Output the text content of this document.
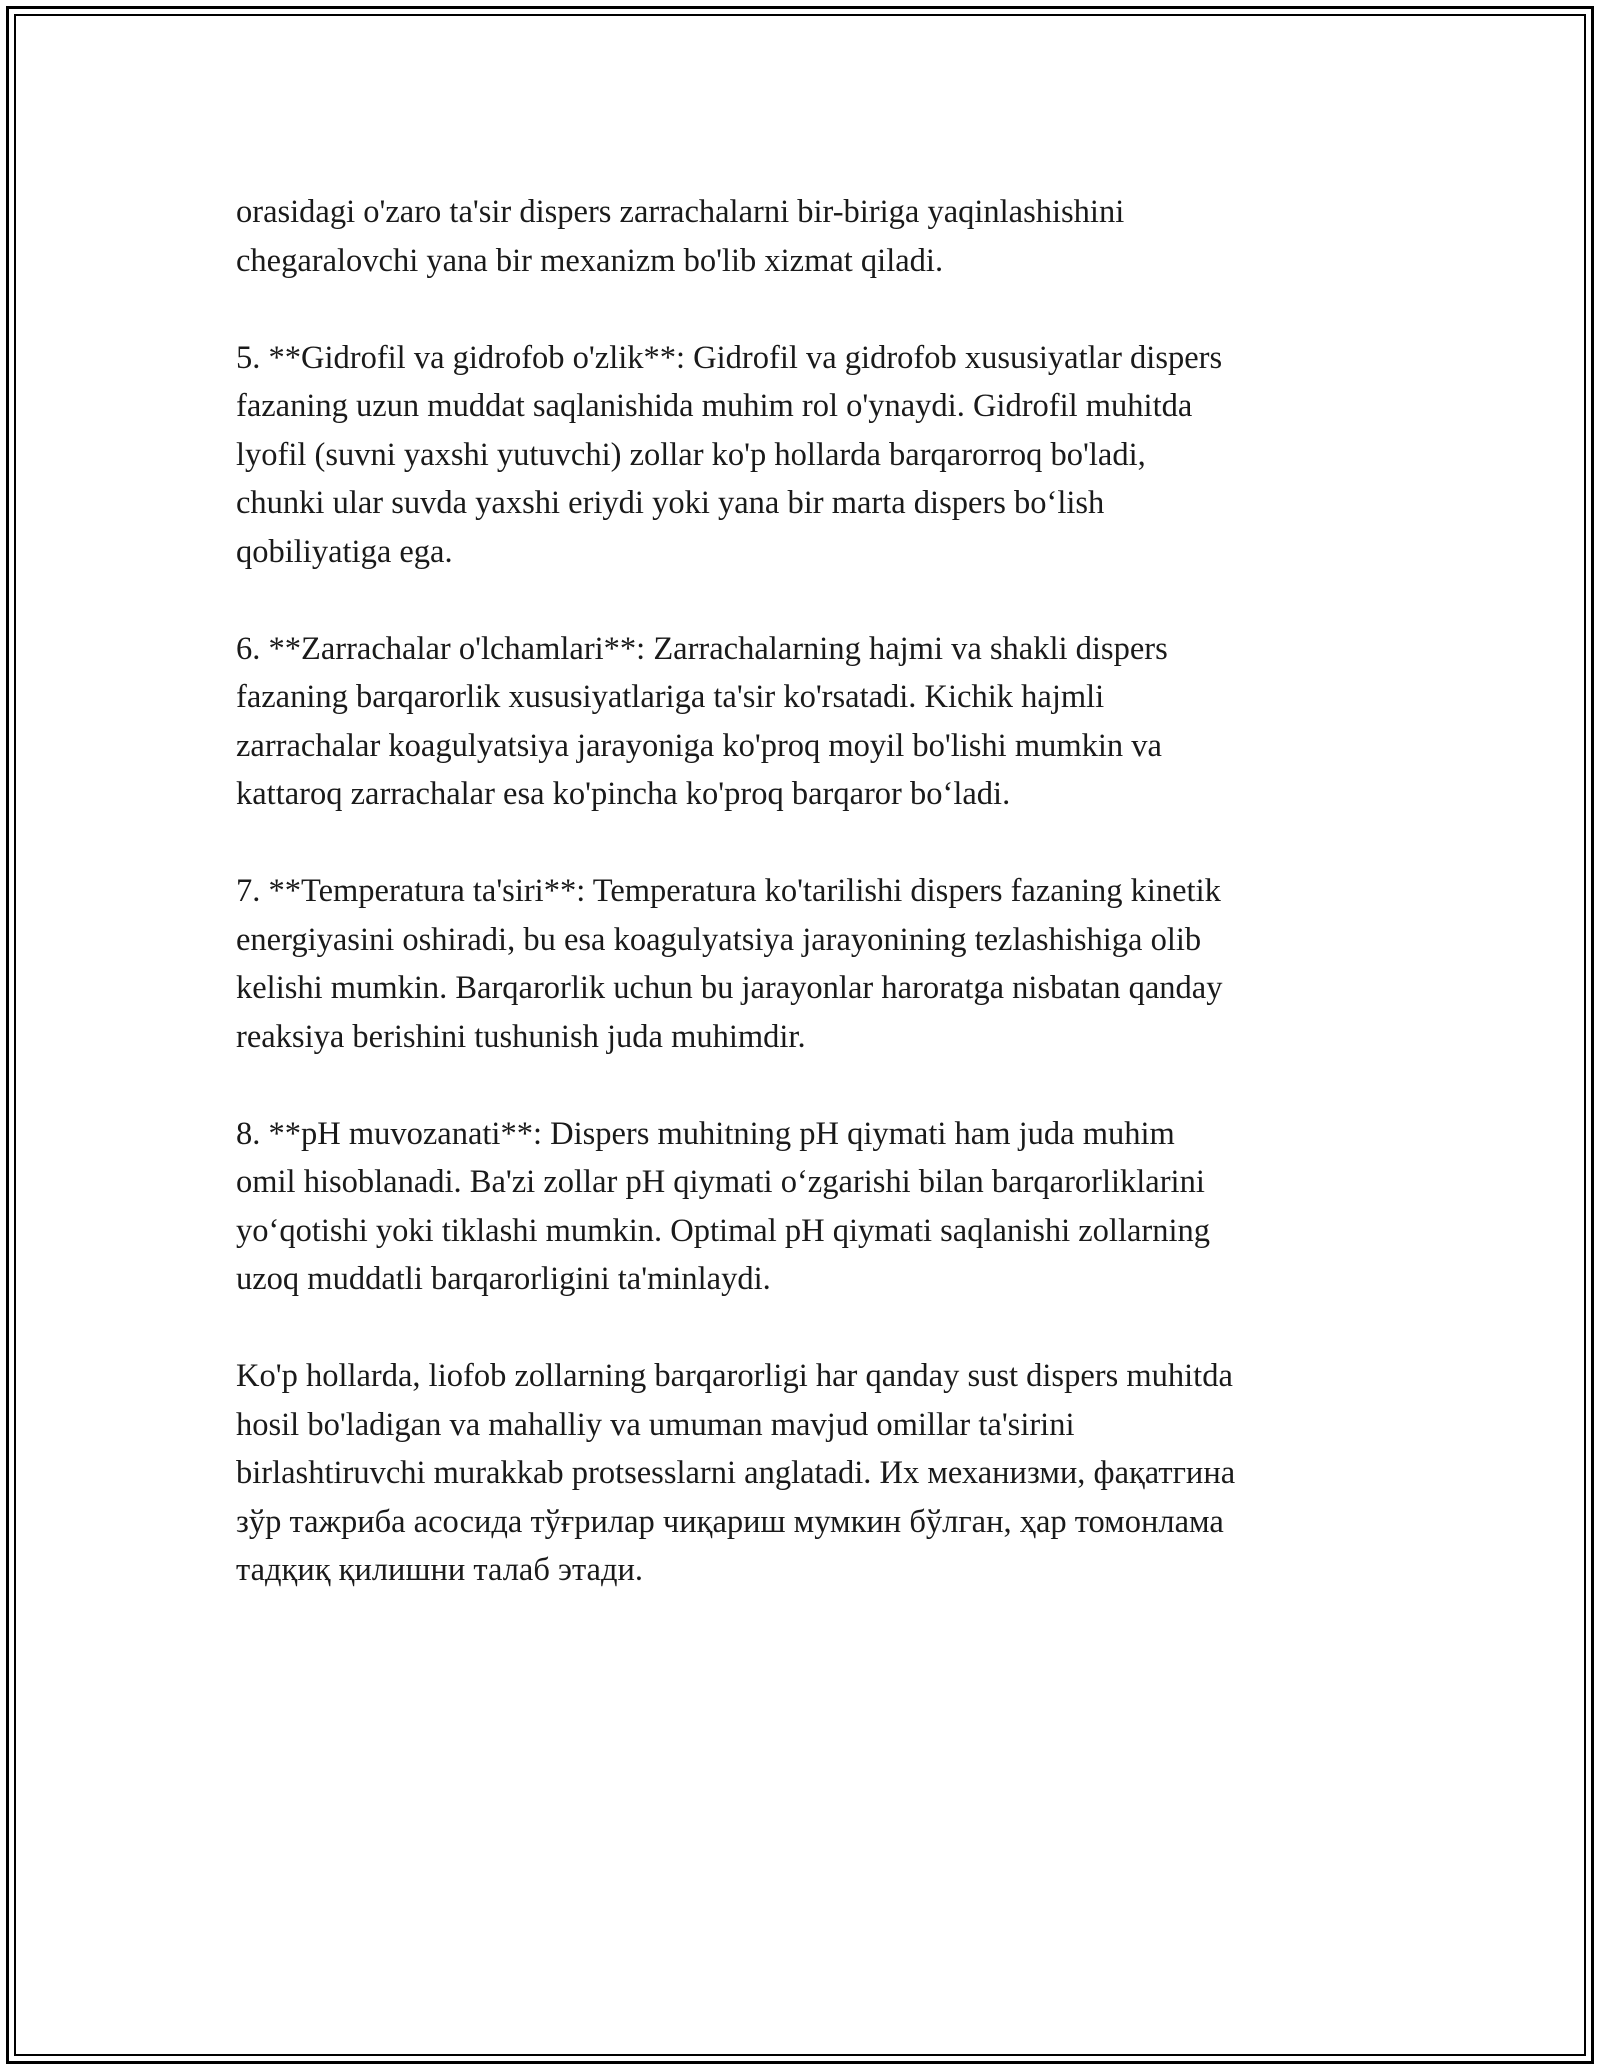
orasidagi o'zaro ta'sir dispers zarrachalarni bir-biriga yaqinlashishini
chegaralovchi yana bir mexanizm bo'lib xizmat qiladi.

5. **Gidrofil va gidrofob o'zlik**: Gidrofil va gidrofob xususiyatlar dispers
fazaning uzun muddat saqlanishida muhim rol o'ynaydi. Gidrofil muhitda
lyofil (suvni yaxshi yutuvchi) zollar ko'p hollarda barqarorroq bo'ladi,
chunki ular suvda yaxshi eriydi yoki yana bir marta dispers bo‘lish
qobiliyatiga ega.

6. **Zarrachalar o'lchamlari**: Zarrachalarning hajmi va shakli dispers
fazaning barqarorlik xususiyatlariga ta'sir ko'rsatadi. Kichik hajmli
zarrachalar koagulyatsiya jarayoniga ko'proq moyil bo'lishi mumkin va
kattaroq zarrachalar esa ko'pincha ko'proq barqaror bo‘ladi.

7. **Temperatura ta'siri**: Temperatura ko'tarilishi dispers fazaning kinetik
energiyasini oshiradi, bu esa koagulyatsiya jarayonining tezlashishiga olib
kelishi mumkin. Barqarorlik uchun bu jarayonlar haroratga nisbatan qanday
reaksiya berishini tushunish juda muhimdir.

8. **pH muvozanati**: Dispers muhitning pH qiymati ham juda muhim
omil hisoblanadi. Ba'zi zollar pH qiymati o‘zgarishi bilan barqarorliklarini
yo‘qotishi yoki tiklashi mumkin. Optimal pH qiymati saqlanishi zollarning
uzoq muddatli barqarorligini ta'minlaydi.

Ko'p hollarda, liofob zollarning barqarorligi har qanday sust dispers muhitda
hosil bo'ladigan va mahalliy va umuman mavjud omillar ta'sirini
birlashtiruvchi murakkab protsesslarni anglatadi. Их механизми, фақатгина
зўр тажриба асосида тўғрилар чиқариш мумкин бўлган, ҳар томонлама
тадқиқ қилишни талаб этади.
